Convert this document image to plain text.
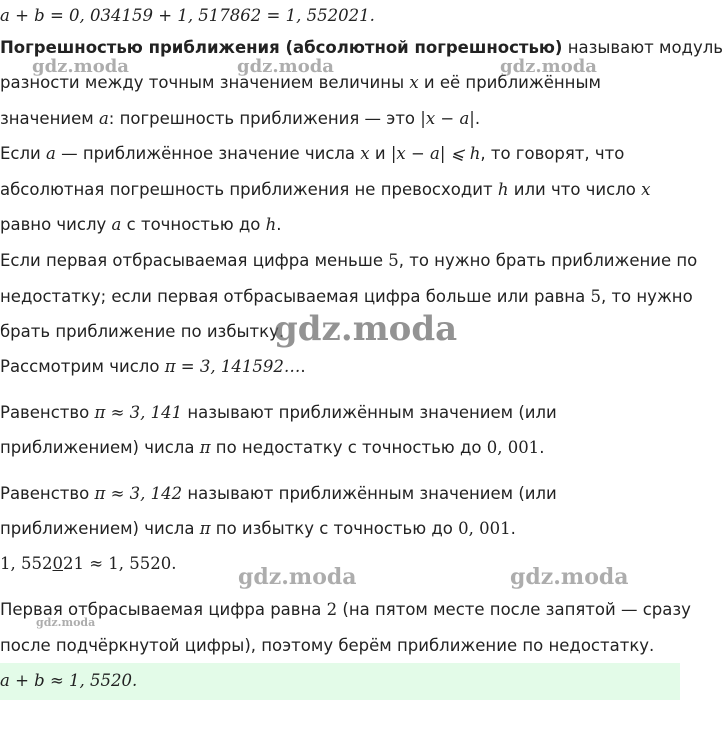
a + b = 0, 034159 + 1, 517862 = 1, 552021.
Погрешностью приближения (абсолютной погрешностью) называют модуль
разности между точным значением величины x и её приближённым
значением a: погрешность приближения — это |x − a|.
Если a — приближённое значение числа x и |x − a| ⩽ h, то говорят, что
абсолютная погрешность приближения не превосходит h или что число x
равно числу a с точностью до h.
Если первая отбрасываемая цифра меньше 5, то нужно брать приближение по
недостатку; если первая отбрасываемая цифра больше или равна 5, то нужно
брать приближение по избытку.
Рассмотрим число π = 3, 141592….
Равенство π ≈ 3, 141 называют приближённым значением (или
приближением) числа π по недостатку с точностью до 0, 001.
Равенство π ≈ 3, 142 называют приближённым значением (или
приближением) числа π по избытку с точностью до 0, 001.
1, 552021 ≈ 1, 5520.
Первая отбрасываемая цифра равна 2 (на пятом месте после запятой — сразу
после подчёркнутой цифры), поэтому берём приближение по недостатку.
a + b ≈ 1, 5520.
gdz.moda	gdz.moda	gdz.moda
gdz.moda
gdz.moda	gdz.moda
gdz.moda
